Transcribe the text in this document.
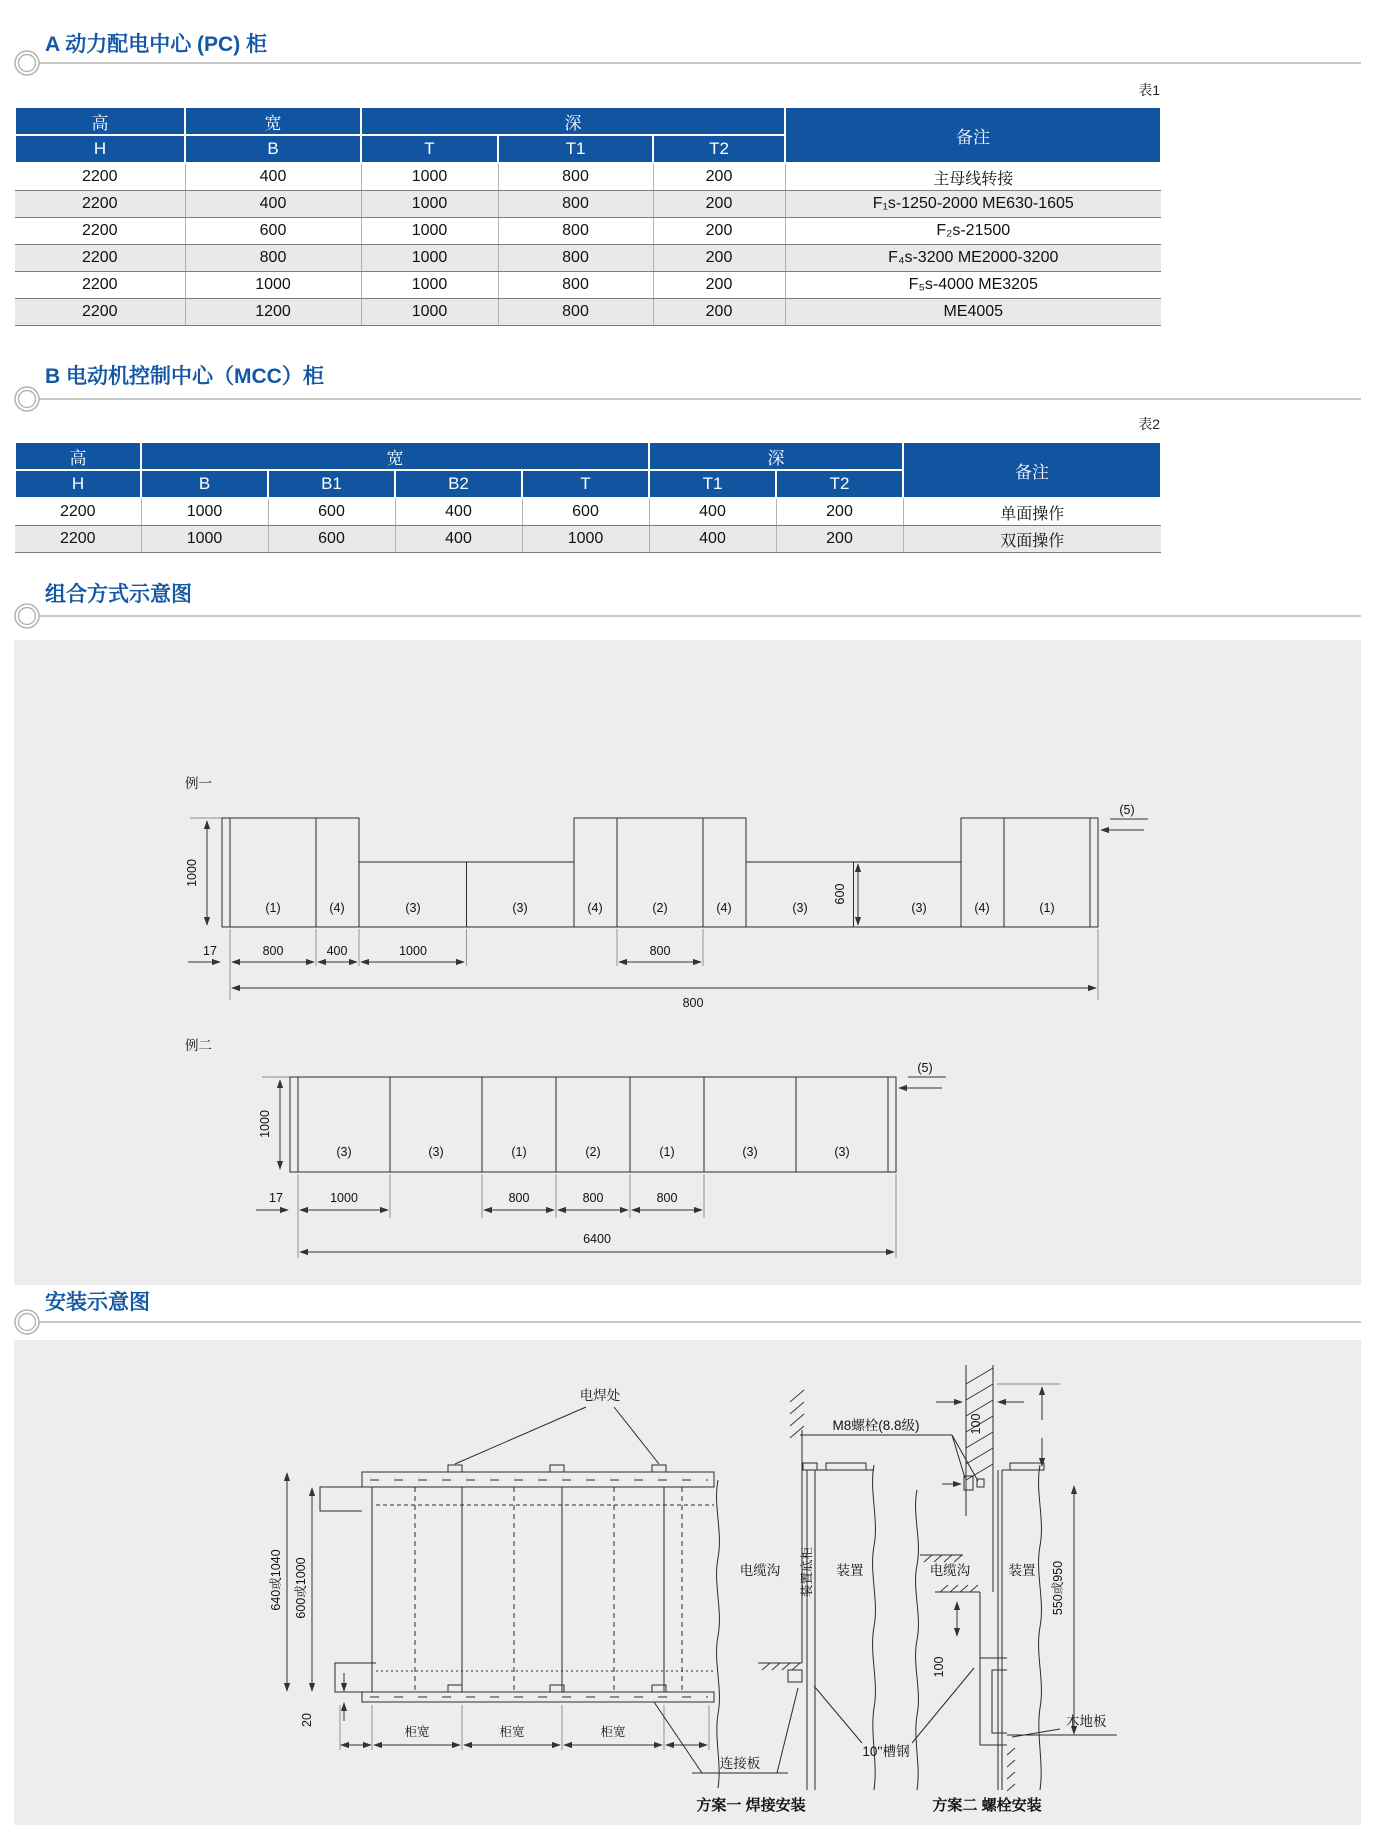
A 动力配电中心 (PC) 柜
表1
高	宽	深			备注
H	B	T	T1	T2	
2200	400	1000	800	200	主母线转接
2200	400	1000	800	200	F₁s-1250-2000 ME630-1605
2200	600	1000	800	200	F₂s-21500
2200	800	1000	800	200	F₄s-3200 ME2000-3200
2200	1000	1000	800	200	F₅s-4000 ME3205
2200	1200	1000	800	200	ME4005
B 电动机控制中心（MCC）柜
表2
高	宽				深		备注
H	B	B1	B2	T	T1	T2	
2200	1000	600	400	600	400	200	单面操作
2200	1000	600	400	1000	400	200	双面操作
组合方式示意图
例一
1000
(1)	(4)	(3)	(3)	(4)	(2)	(4)	(3)	(3)	(4)	(1)
600
(5)
17	800	400	1000	800
800
例二
1000
(3)	(3)	(1)	(2)	(1)	(3)	(3)
(5)
17	1000	800	800	800
6400
安装示意图
电焊处
640或1040 600或1000
20
柜宽	柜宽	柜宽
连接板
电缆沟 装置底柜 装置	电缆沟
100
M8螺栓(8.8级)
装置 550或950
100
木地板
10''槽钢
方案一 焊接安装	方案二 螺栓安装
